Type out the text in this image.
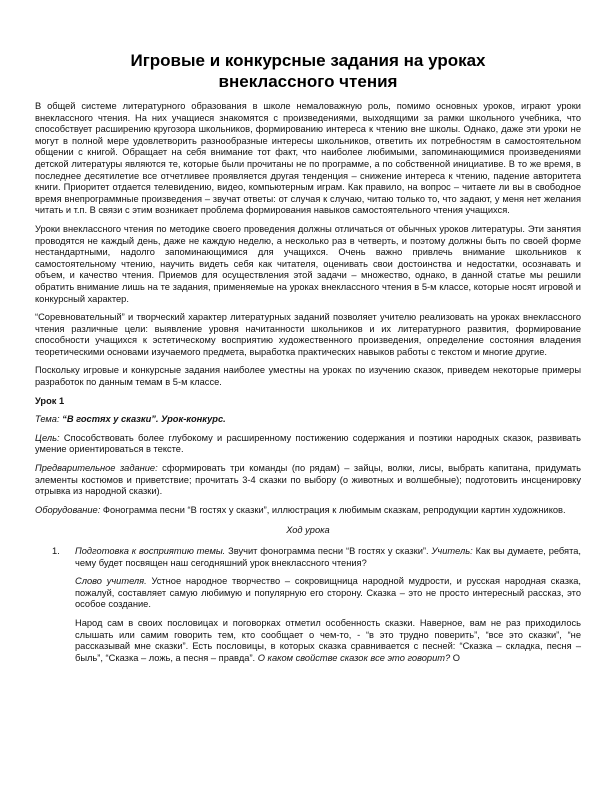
Игровые и конкурсные задания на уроках
внеклассного чтения

В общей системе литературного образования в школе немаловажную роль, помимо основных уроков, играют уроки внеклассного чтения. На них учащиеся знакомятся с произведениями, выходящими за рамки школьного учебника, что способствует расширению кругозора школьников, формированию интереса к чтению вне школы. Однако, даже эти уроки не могут в полной мере удовлетворить разнообразные интересы школьников, ответить их потребностям в самостоятельном общении с книгой. Обращает на себя внимание тот факт, что наиболее любимыми, запоминающимися произведениями детской литературы являются те, которые были прочитаны не по программе, а по собственной инициативе. В то же время, в последнее десятилетие все отчетливее проявляется другая тенденция – снижение интереса к чтению, падение авторитета книги. Приоритет отдается телевидению, видео, компьютерным играм. Как правило, на вопрос – читаете ли вы в свободное время внепрограммные произведения – звучат ответы: от случая к случаю, читаю только то, что задают, у меня нет желания читать и т.п. В связи с этим возникает проблема формирования навыков самостоятельного чтения учащихся.

Уроки внеклассного чтения по методике своего проведения должны отличаться от обычных уроков литературы. Эти занятия проводятся не каждый день, даже не каждую неделю, а несколько раз в четверть, и поэтому должны быть по своей форме нестандартными, надолго запоминающимися для учащихся. Очень важно привлечь внимание школьников к самостоятельному чтению, научить видеть себя как читателя, оценивать свои достоинства и недостатки, осознавать и объем, и качество чтения. Приемов для осуществления этой задачи – множество, однако, в данной статье мы решили обратить внимание лишь на те задания, применяемые на уроках внеклассного чтения в 5-м классе, которые носят игровой и конкурсный характер.

“Соревновательный” и творческий характер литературных заданий позволяет учителю реализовать на уроках внеклассного чтения различные цели: выявление уровня начитанности школьников и их литературного развития, формирование способности учащихся к эстетическому восприятию художественного произведения, определение состояния владения теоретическими основами изучаемого предмета, выработка практических навыков работы с текстом и многие другие.

Поскольку игровые и конкурсные задания наиболее уместны на уроках по изучению сказок, приведем некоторые примеры разработок по данным темам в 5-м классе.

Урок 1

Тема: “В гостях у сказки”. Урок-конкурс.

Цель: Способствовать более глубокому и расширенному постижению содержания и поэтики народных сказок, развивать умение ориентироваться в тексте.

Предварительное задание: сформировать три команды (по рядам) – зайцы, волки, лисы, выбрать капитана, придумать элементы костюмов и приветствие; прочитать 3-4 сказки по выбору (о животных и волшебные); подготовить инсценировку отрывка из народной сказки).

Оборудование: Фонограмма песни “В гостях у сказки”, иллюстрация к любимым сказкам, репродукции картин художников.

Ход урока

1. Подготовка к восприятию темы. Звучит фонограмма песни “В гостях у сказки”. Учитель: Как вы думаете, ребята, чему будет посвящен наш сегодняшний урок внеклассного чтения?

Слово учителя. Устное народное творчество – сокровищница народной мудрости, и русская народная сказка, пожалуй, составляет самую любимую и популярную его сторону. Сказка – это не просто интересный рассказ, это особое создание.

Народ сам в своих пословицах и поговорках отметил особенность сказки. Наверное, вам не раз приходилось слышать или самим говорить тем, кто сообщает о чем-то, - “в это трудно поверить”, “все это сказки”, “не рассказывай мне сказки”. Есть пословицы, в которых сказка сравнивается с песней: “Сказка – складка, песня – быль”, “Сказка – ложь, а песня – правда”. О каком свойстве сказок все это говорит? О
